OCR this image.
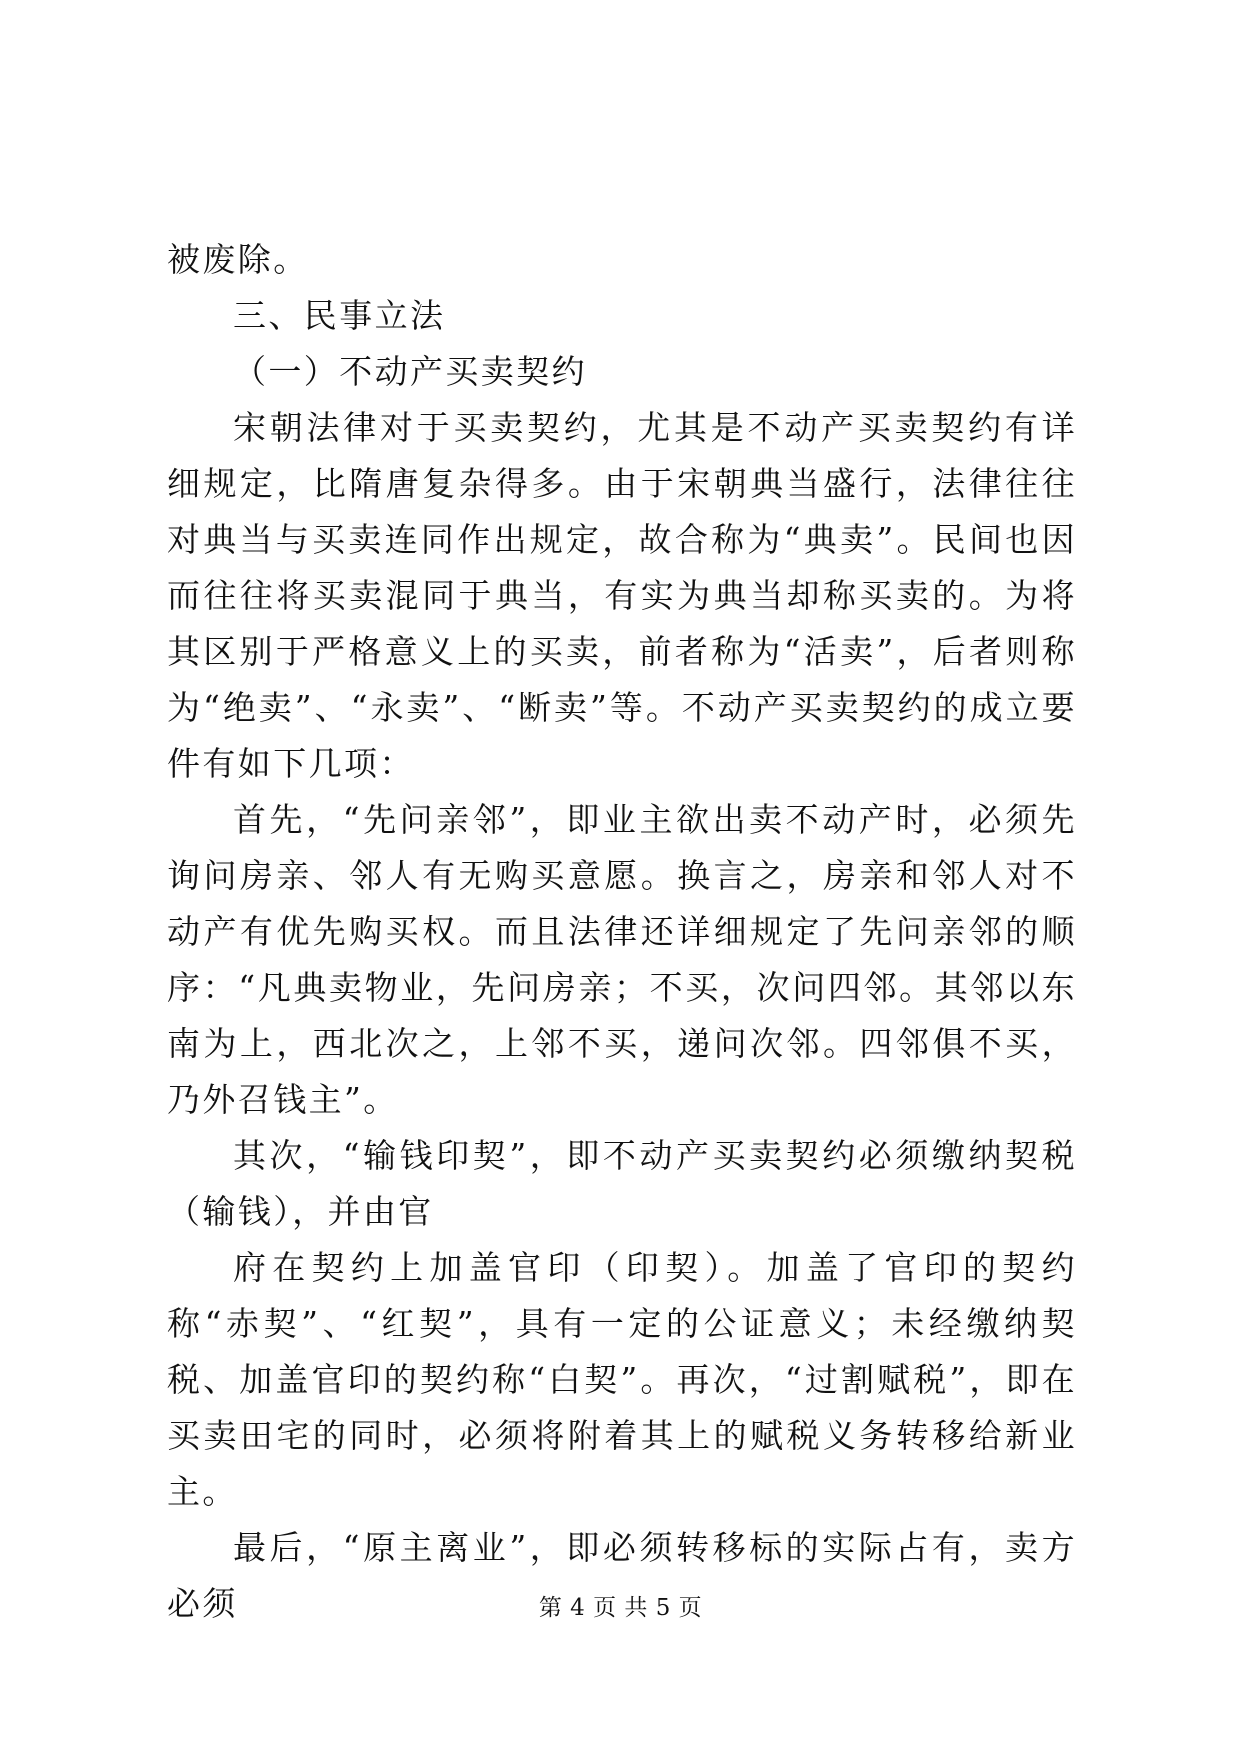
被废除。

三、民事立法

（一）不动产买卖契约

宋朝法律对于买卖契约，尤其是不动产买卖契约有详细规定，比隋唐复杂得多。由于宋朝典当盛行，法律往往对典当与买卖连同作出规定，故合称为“典卖”。民间也因而往往将买卖混同于典当，有实为典当却称买卖的。为将其区别于严格意义上的买卖，前者称为“活卖”，后者则称为“绝卖”、“永卖”、“断卖”等。不动产买卖契约的成立要件有如下几项：

首先，“先问亲邻”，即业主欲出卖不动产时，必须先询问房亲、邻人有无购买意愿。换言之，房亲和邻人对不动产有优先购买权。而且法律还详细规定了先问亲邻的顺序：“凡典卖物业，先问房亲；不买，次问四邻。其邻以东南为上，西北次之，上邻不买，递问次邻。四邻俱不买，乃外召钱主”。

其次，“输钱印契”，即不动产买卖契约必须缴纳契税（输钱），并由官

府在契约上加盖官印（印契）。加盖了官印的契约称“赤契”、“红契”，具有一定的公证意义；未经缴纳契税、加盖官印的契约称“白契”。再次，“过割赋税”，即在买卖田宅的同时，必须将附着其上的赋税义务转移给新业主。

最后，“原主离业”，即必须转移标的实际占有，卖方必须	第 4 页 共 5 页
